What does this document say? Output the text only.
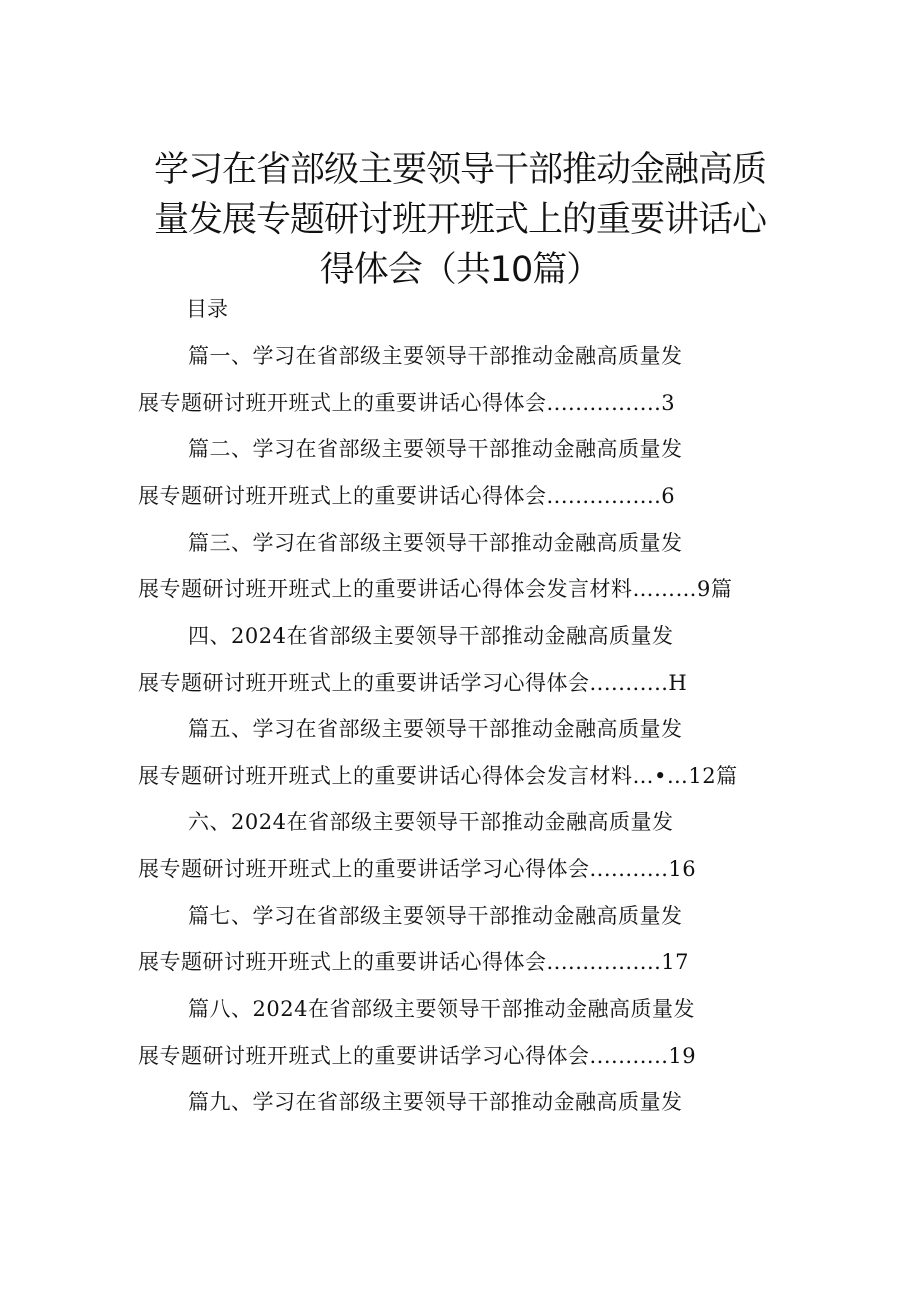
学习在省部级主要领导干部推动金融高质
量发展专题研讨班开班式上的重要讲话心
得体会（共10篇）
目录
篇一、学习在省部级主要领导干部推动金融高质量发
展专题研讨班开班式上的重要讲话心得体会................3
篇二、学习在省部级主要领导干部推动金融高质量发
展专题研讨班开班式上的重要讲话心得体会................6
篇三、学习在省部级主要领导干部推动金融高质量发
展专题研讨班开班式上的重要讲话心得体会发言材料………9篇
四、2024在省部级主要领导干部推动金融高质量发
展专题研讨班开班式上的重要讲话学习心得体会...........H
篇五、学习在省部级主要领导干部推动金融高质量发
展专题研讨班开班式上的重要讲话心得体会发言材料…•…12篇
六、2024在省部级主要领导干部推动金融高质量发
展专题研讨班开班式上的重要讲话学习心得体会...........16
篇七、学习在省部级主要领导干部推动金融高质量发
展专题研讨班开班式上的重要讲话心得体会................17
篇八、2024在省部级主要领导干部推动金融高质量发
展专题研讨班开班式上的重要讲话学习心得体会...........19
篇九、学习在省部级主要领导干部推动金融高质量发
